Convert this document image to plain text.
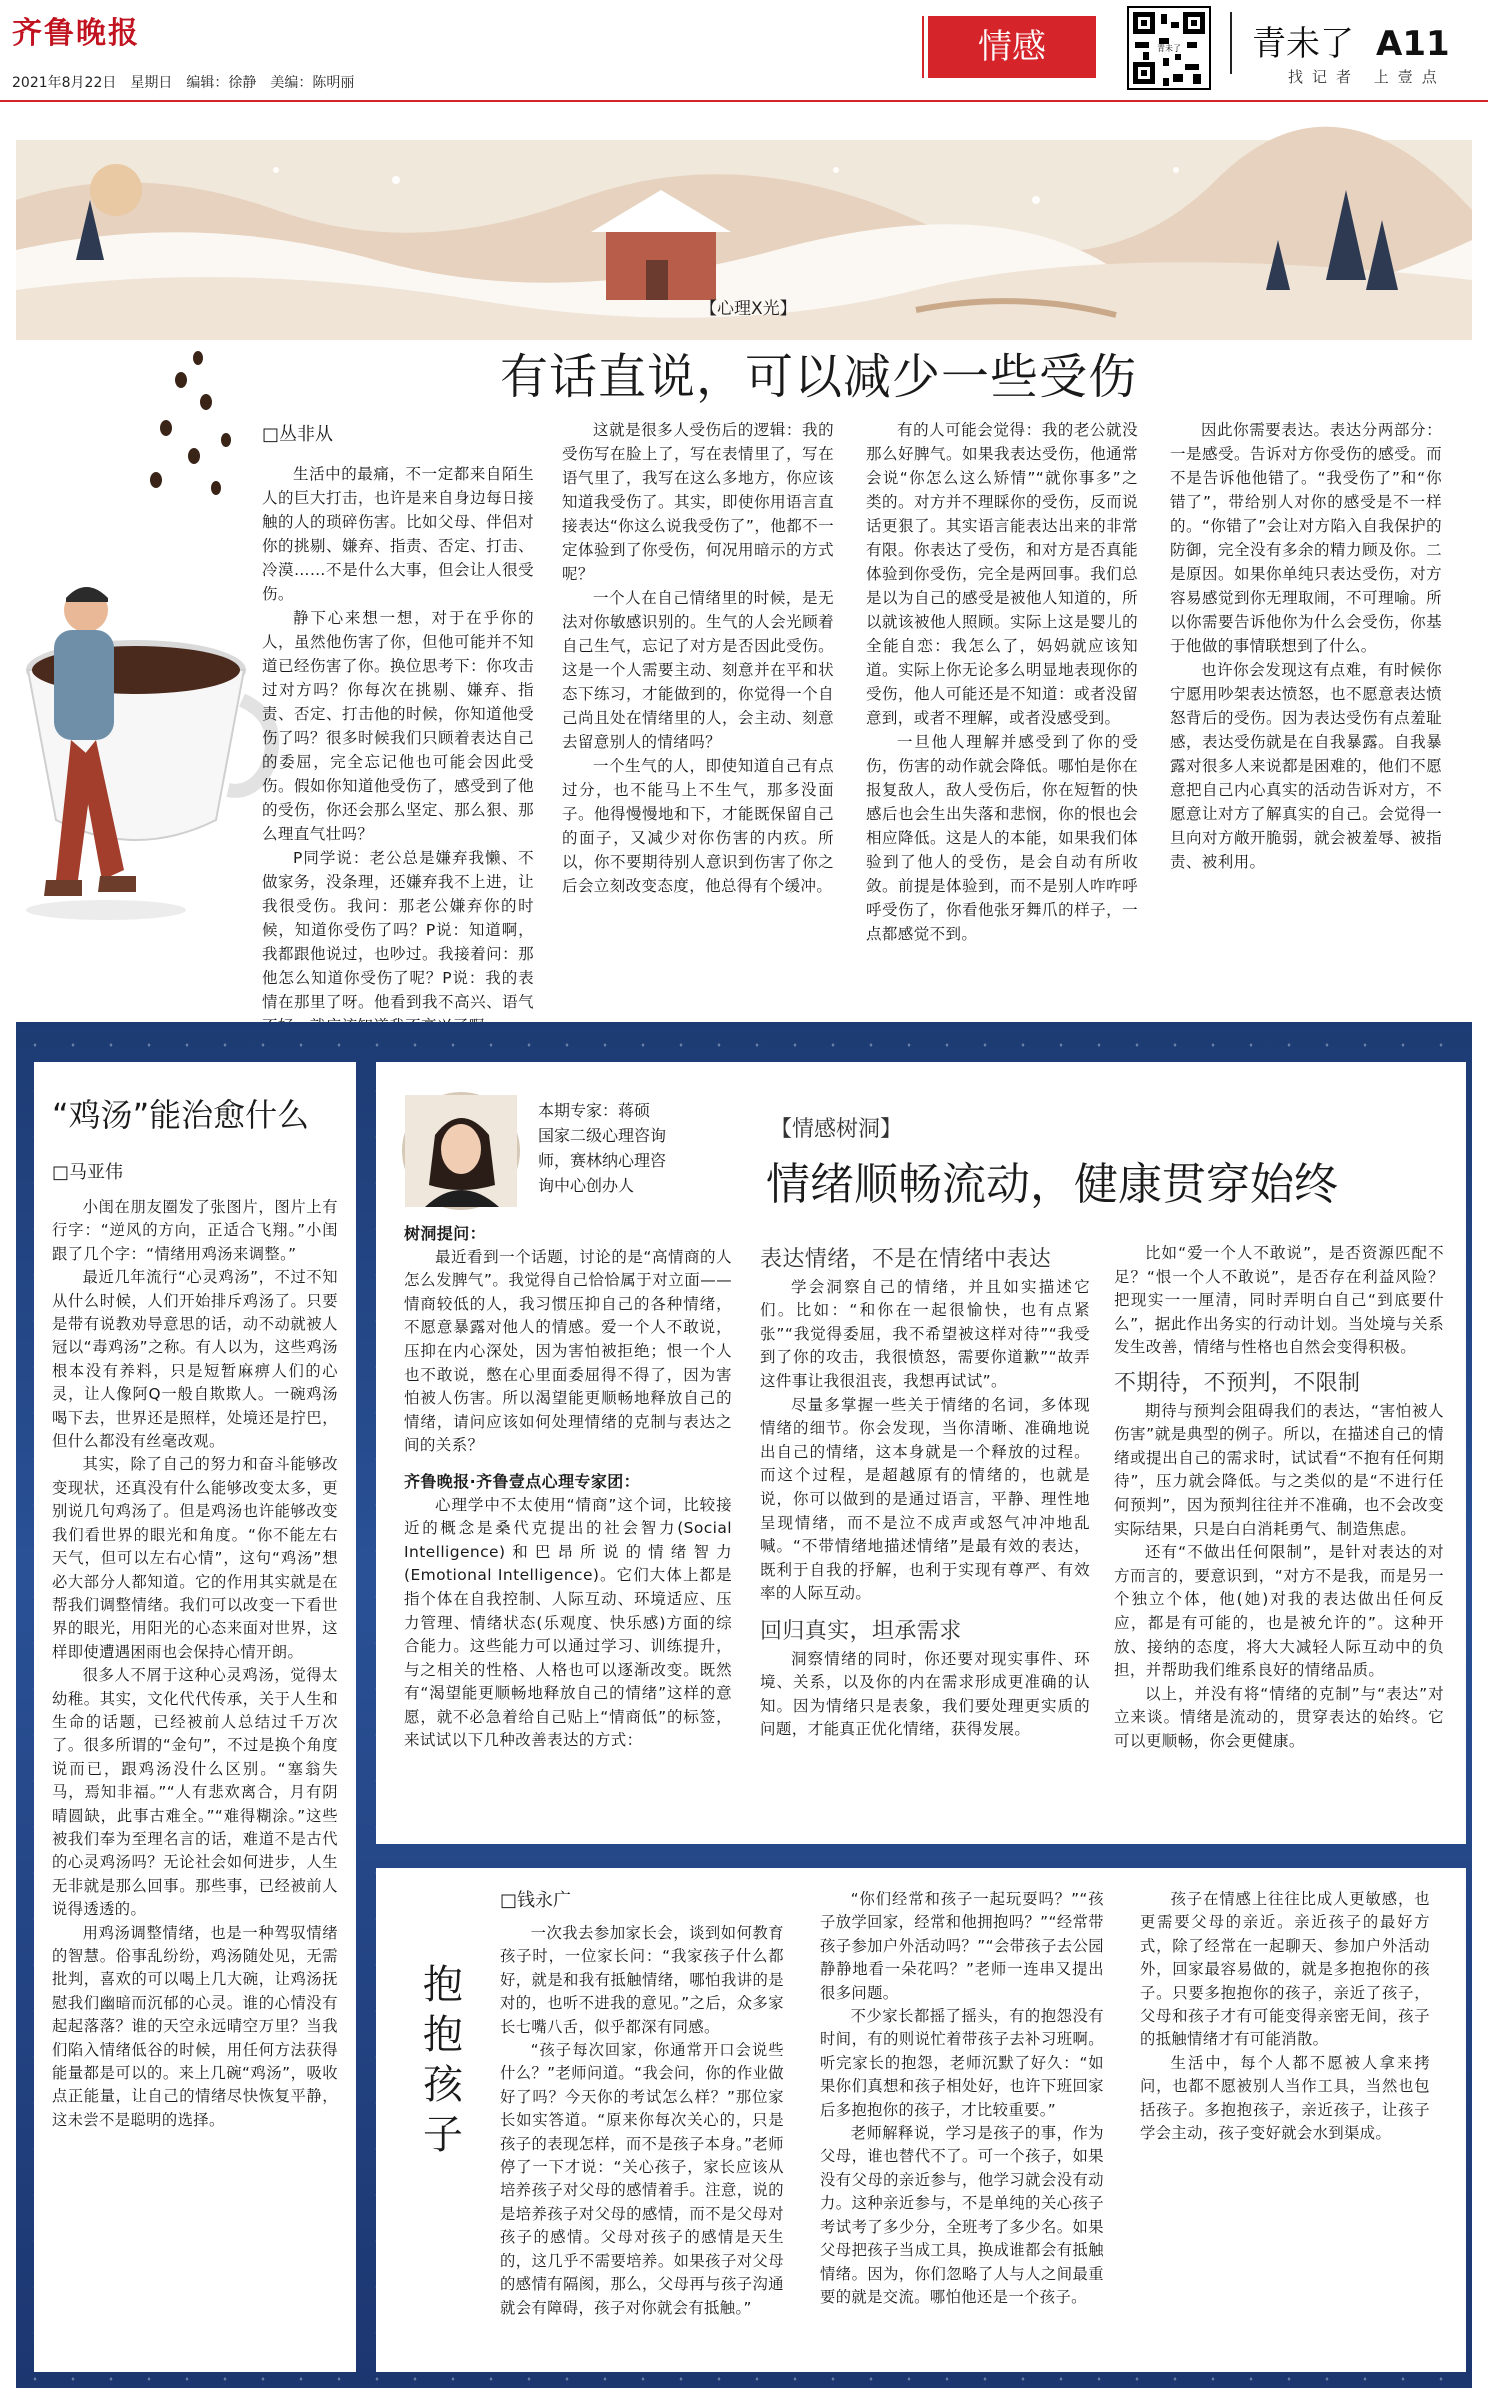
齐鲁晚报
2021年8月22日　星期日　编辑：徐静　美编：陈明丽
情感	青未了 青未了 A11
找记者 上壹点
【心理X光】
有话直说，可以减少一些受伤
□丛非从

生活中的最痛，不一定都来自陌生人的巨大打击，也许是来自身边每日接触的人的琐碎伤害。比如父母、伴侣对你的挑剔、嫌弃、指责、否定、打击、冷漠……不是什么大事，但会让人很受伤。

静下心来想一想，对于在乎你的人，虽然他伤害了你，但他可能并不知道已经伤害了你。换位思考下：你攻击过对方吗？你每次在挑剔、嫌弃、指责、否定、打击他的时候，你知道他受伤了吗？很多时候我们只顾着表达自己的委屈，完全忘记他也可能会因此受伤。假如你知道他受伤了，感受到了他的受伤，你还会那么坚定、那么狠、那么理直气壮吗？

P同学说：老公总是嫌弃我懒、不做家务，没条理，还嫌弃我不上进，让我很受伤。我问：那老公嫌弃你的时候，知道你受伤了吗？P说：知道啊，我都跟他说过，也吵过。我接着问：那他怎么知道你受伤了呢？P说：我的表情在那里了呀。他看到我不高兴、语气

这就是很多人受伤后的逻辑：我的受伤写在脸上了，写在表情里了，写在语气里了，我写在这么多地方，你应该知道我受伤了。其实，即使你用语言直接表达“你这么说我受伤了”，他都不一定体验到了你受伤，何况用暗示的方式呢？

一个人在自己情绪里的时候，是无法对你敏感识别的。生气的人会光顾着自己生气，忘记了对方是否因此受伤。这是一个人需要主动、刻意并在平和状态下练习，才能做到的，你觉得一个自己尚且处在情绪里的人，会主动、刻意去留意别人的情绪吗？

一个生气的人，即使知道自己有点过分，也不能马上不生气，那多没面子。他得慢慢地和下，才能既保留自己的面子，又减少对你伤害的内疚。所以，你不要期待别人意识到伤害了你之后会立刻改变态度，他总得有个缓冲。

有的人可能会觉得：我的老公就没那么好脾气。如果我表达受伤，他通常会说“你怎么这么矫情”“就你事多”之类的。对方并不理睬你的受伤，反而说话更狠了。其实语言能表达出来的非常有限。你表达了受伤，和对方是否真能体验到你受伤，完全是两回事。我们总是以为自己的感受是被他人知道的，所以就该被他人照顾。实际上这是婴儿的全能自恋：我怎么了，妈妈就应该知道。实际上你无论多么明显地表现你的受伤，他人可能还是不知道：或者没留意到，或者不理解，或者没感受到。

一旦他人理解并感受到了你的受伤，伤害的动作就会降低。哪怕是你在报复敌人，敌人受伤后，你在短暂的快感后也会生出失落和悲悯，你的恨也会相应降低。这是人的本能，如果我们体验到了他人的受伤，是会自动有所收敛。前提是体验到，而不是别人咋咋呼呼受伤了，你看他张牙舞爪的样子，一点都感觉不到。

因此你需要表达。表达分两部分：一是感受。告诉对方你受伤的感受。而不是告诉他他错了。“我受伤了”和“你错了”，带给别人对你的感受是不一样的。“你错了”会让对方陷入自我保护的防御，完全没有多余的精力顾及你。二是原因。如果你单纯只表达受伤，对方容易感觉到你无理取闹，不可理喻。所以你需要告诉他你为什么会受伤，你基于他做的事情联想到了什么。

也许你会发现这有点难，有时候你宁愿用吵架表达愤怒，也不愿意表达愤怒背后的受伤。因为表达受伤有点羞耻感，表达受伤就是在自我暴露。自我暴露对很多人来说都是困难的，他们不愿意把自己内心真实的活动告诉对方，不愿意让对方了解真实的自己。会觉得一旦向对方敞开脆弱，就会被羞辱、被指责、被利用。

“鸡汤”能治愈什么
□马亚伟

小闺在朋友圈发了张图片，图片上有行字：“逆风的方向，正适合飞翔。”小闺跟了几个字：“情绪用鸡汤来调整。”

最近几年流行“心灵鸡汤”，不过不知从什么时候，人们开始排斥鸡汤了。只要是带有说教劝导意思的话，动不动就被人冠以“毒鸡汤”之称。有人以为，这些鸡汤根本没有养料，只是短暂麻痹人们的心灵，让人像阿Q一般自欺欺人。一碗鸡汤喝下去，世界还是照样，处境还是拧巴，但什么都没有丝毫改观。

其实，除了自己的努力和奋斗能够改变现状，还真没有什么能够改变太多，更别说几句鸡汤了。但是鸡汤也许能够改变我们看世界的眼光和角度。“你不能左右天气，但可以左右心情”，这句“鸡汤”想必大部分人都知道。它的作用其实就是在帮我们调整情绪。我们可以改变一下看世界的眼光，用阳光的心态来面对世界，这样即使遭遇困雨也会保持心情开朗。

很多人不屑于这种心灵鸡汤，觉得太幼稚。其实，文化代代传承，关于人生和生命的话题，已经被前人总结过千万次了。很多所谓的“金句”，不过是换个角度说而已，跟鸡汤没什么区别。“塞翁失马，焉知非福。”“人有悲欢离合，月有阴晴圆缺，此事古难全。”“难得糊涂。”这些被我们奉为至理名言的话，难道不是古代的心灵鸡汤吗？无论社会如何进步，人生无非就是那么回事。那些事，已经被前人说得透透的。

用鸡汤调整情绪，也是一种驾驭情绪的智慧。俗事乱纷纷，鸡汤随处见，无需批判，喜欢的可以喝上几大碗，让鸡汤抚慰我们幽暗而沉郁的心灵。谁的心情没有起起落落？谁的天空永远晴空万里？当我们陷入情绪低谷的时候，用任何方法获得能量都是可以的。来上几碗“鸡汤”，吸收点正能量，让自己的情绪尽快恢复平静，这未尝不是聪明的选择。

本期专家：蒋硕
国家二级心理咨询
师，赛林纳心理咨
询中心创办人
【情感树洞】
情绪顺畅流动，健康贯穿始终
树洞提问：

最近看到一个话题，讨论的是“高情商的人怎么发脾气”。我觉得自己恰恰属于对立面——情商较低的人，我习惯压抑自己的各种情绪，不愿意暴露对他人的情感。爱一个人不敢说，压抑在内心深处，因为害怕被拒绝；恨一个人也不敢说，憋在心里面委屈得不得了，因为害怕被人伤害。所以渴望能更顺畅地释放自己的情绪，请问应该如何处理情绪的克制与表达之间的关系？

齐鲁晚报·齐鲁壹点心理专家团：

心理学中不太使用“情商”这个词，比较接近的概念是桑代克提出的社会智力(Social Intelligence)和巴昂所说的情绪智力(Emotional Intelligence)。它们大体上都是指个体在自我控制、人际互动、环境适应、压力管理、情绪状态(乐观度、快乐感)方面的综合能力。这些能力可以通过学习、训练提升，与之相关的性格、人格也可以逐渐改变。既然有“渴望能更顺畅地释放自己的情绪”这样的意愿，就不必急着给自己贴上“情商低”的标签，来试试以下几种改善表达的方式：

表达情绪，不是在情绪中表达

学会洞察自己的情绪，并且如实描述它们。比如：“和你在一起很愉快，也有点紧张”“我觉得委屈，我不希望被这样对待”“我受到了你的攻击，我很愤怒，需要你道歉”“故弄这件事让我很沮丧，我想再试试”。

尽量多掌握一些关于情绪的名词，多体现情绪的细节。你会发现，当你清晰、准确地说出自己的情绪，这本身就是一个释放的过程。而这个过程，是超越原有的情绪的，也就是说，你可以做到的是通过语言，平静、理性地呈现情绪，而不是泣不成声或怒气冲冲地乱喊。“不带情绪地描述情绪”是最有效的表达，既利于自我的抒解，也利于实现有尊严、有效率的人际互动。

回归真实，坦承需求

洞察情绪的同时，你还要对现实事件、环境、关系，以及你的内在需求形成更准确的认知。因为情绪只是表象，我们要处理更实质的问题，才能真正优化情绪，获得发展。

比如“爱一个人不敢说”，是否资源匹配不足？“恨一个人不敢说”，是否存在利益风险？把现实一一厘清，同时弄明白自己“到底要什么”，据此作出务实的行动计划。当处境与关系发生改善，情绪与性格也自然会变得积极。

不期待，不预判，不限制

期待与预判会阻碍我们的表达，“害怕被人伤害”就是典型的例子。所以，在描述自己的情绪或提出自己的需求时，试试看“不抱有任何期待”，压力就会降低。与之类似的是“不进行任何预判”，因为预判往往并不准确，也不会改变实际结果，只是白白消耗勇气、制造焦虑。

还有“不做出任何限制”，是针对表达的对方而言的，要意识到，“对方不是我，而是另一个独立个体，他(她)对我的表达做出任何反应，都是有可能的，也是被允许的”。这种开放、接纳的态度，将大大减轻人际互动中的负担，并帮助我们维系良好的情绪品质。

以上，并没有将“情绪的克制”与“表达”对立来谈。情绪是流动的，贯穿表达的始终。它可以更顺畅，你会更健康。

抱
抱
孩
子
□钱永广

一次我去参加家长会，谈到如何教育孩子时，一位家长问：“我家孩子什么都好，就是和我有抵触情绪，哪怕我讲的是对的，也听不进我的意见。”之后，众多家长七嘴八舌，似乎都深有同感。

“孩子每次回家，你通常开口会说些什么？”老师问道。“我会问，你的作业做好了吗？今天你的考试怎么样？”那位家长如实答道。“原来你每次关心的，只是孩子的表现怎样，而不是孩子本身。”老师停了一下才说：“关心孩子，家长应该从培养孩子对父母的感情着手。注意，说的是培养孩子对父母的感情，而不是父母对孩子的感情。父母对孩子的感情是天生的，这几乎不需要培养。如果孩子对父母的感情有隔阂，那么，父母再与孩子沟通就会有障碍，孩子对你就会有抵触。”

“你们经常和孩子一起玩耍吗？”“孩子放学回家，经常和他拥抱吗？”“经常带孩子参加户外活动吗？”“会带孩子去公园静静地看一朵花吗？”老师一连串又提出很多问题。

不少家长都摇了摇头，有的抱怨没有时间，有的则说忙着带孩子去补习班啊。听完家长的抱怨，老师沉默了好久：“如果你们真想和孩子相处好，也许下班回家后多抱抱你的孩子，才比较重要。”

老师解释说，学习是孩子的事，作为父母，谁也替代不了。可一个孩子，如果没有父母的亲近参与，他学习就会没有动力。这种亲近参与，不是单纯的关心孩子考试考了多少分，全班考了多少名。如果父母把孩子当成工具，换成谁都会有抵触情绪。因为，你们忽略了人与人之间最重要的就是交流。哪怕他还是一个孩子。

孩子在情感上往往比成人更敏感，也更需要父母的亲近。亲近孩子的最好方式，除了经常在一起聊天、参加户外活动外，回家最容易做的，就是多抱抱你的孩子。只要多抱抱你的孩子，亲近了孩子，父母和孩子才有可能变得亲密无间，孩子的抵触情绪才有可能消散。

生活中，每个人都不愿被人拿来拷问，也都不愿被别人当作工具，当然也包括孩子。多抱抱孩子，亲近孩子，让孩子学会主动，孩子变好就会水到渠成。
